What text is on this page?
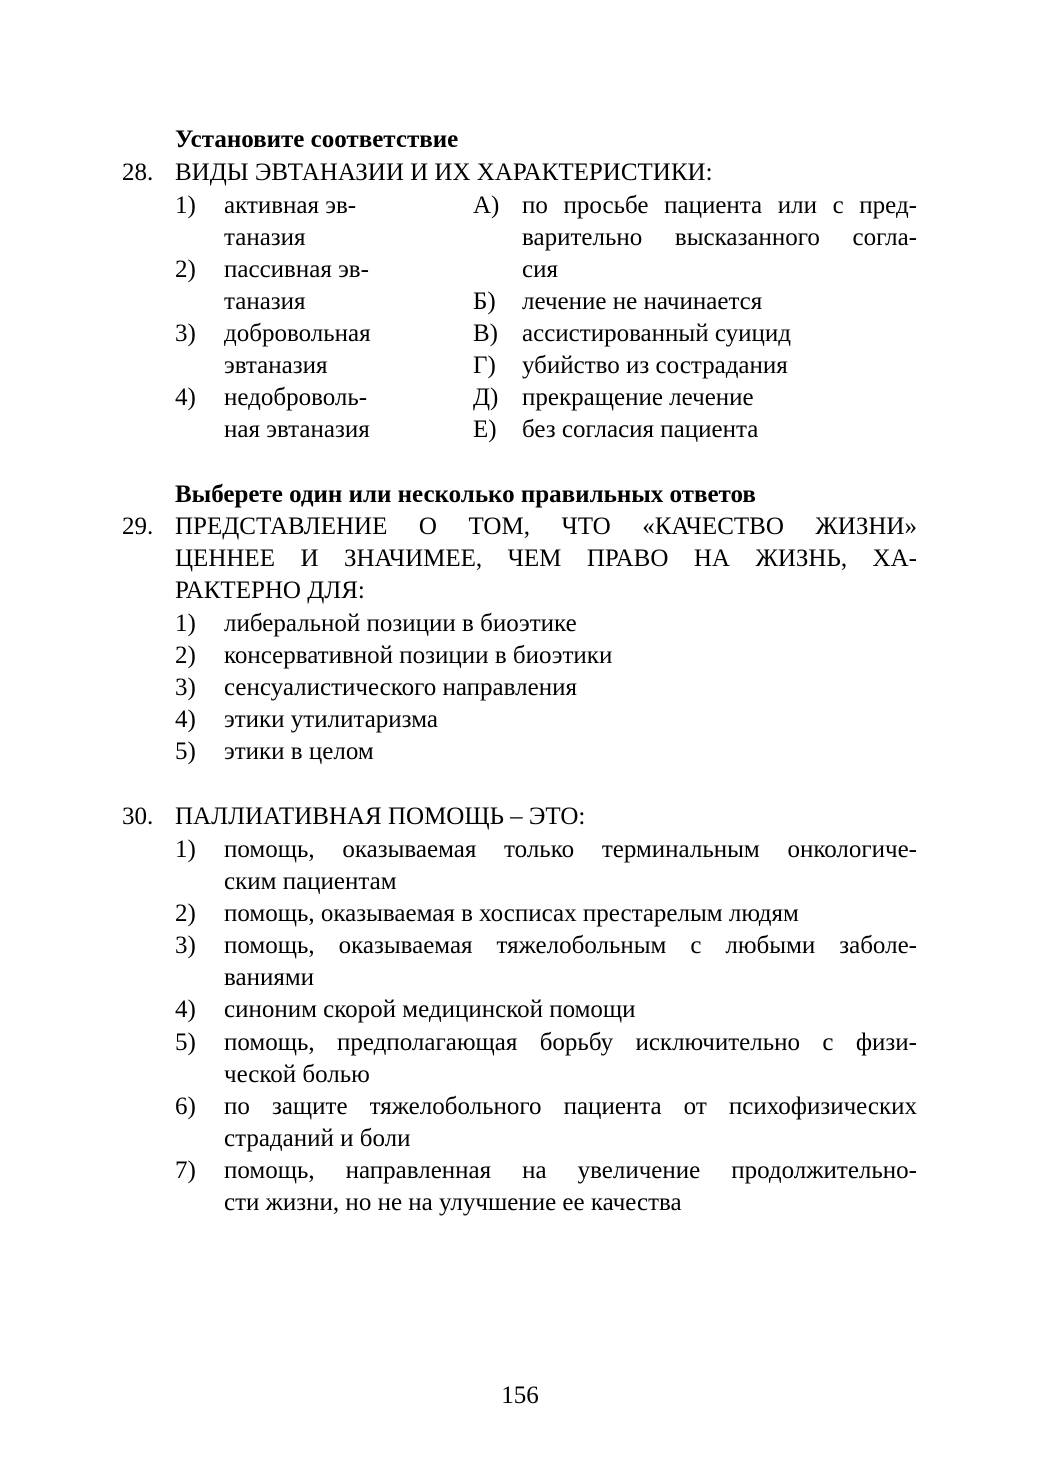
Установите соответствие
28. ВИДЫ ЭВТАНАЗИИ И ИХ ХАРАКТЕРИСТИКИ:
1) активная эв-
таназия
2) пассивная эв-
таназия
3) добровольная
эвтаназия
4) недоброволь-
ная эвтаназия
А) по просьбе пациента или с пред-
варительно высказанного согла-
сия
Б) лечение не начинается
В) ассистированный суицид
Г) убийство из сострадания
Д) прекращение лечение
Е) без согласия пациента
Выберете один или несколько правильных ответов
29. ПРЕДСТАВЛЕНИЕ О ТОМ, ЧТО «КАЧЕСТВО ЖИЗНИ»
ЦЕННЕЕ И ЗНАЧИМЕЕ, ЧЕМ ПРАВО НА ЖИЗНЬ, ХА-
РАКТЕРНО ДЛЯ:
1) либеральной позиции в биоэтике
2) консервативной позиции в биоэтики
3) сенсуалистического направления
4) этики утилитаризма
5) этики в целом
30. ПАЛЛИАТИВНАЯ ПОМОЩЬ – ЭТО:
1) помощь, оказываемая только терминальным онкологиче-
ским пациентам
2) помощь, оказываемая в хосписах престарелым людям
3) помощь, оказываемая тяжелобольным с любыми заболе-
ваниями
4) синоним скорой медицинской помощи
5) помощь, предполагающая борьбу исключительно с физи-
ческой болью
6) по защите тяжелобольного пациента от психофизических
страданий и боли
7) помощь, направленная на увеличение продолжительно-
сти жизни, но не на улучшение ее качества
156
